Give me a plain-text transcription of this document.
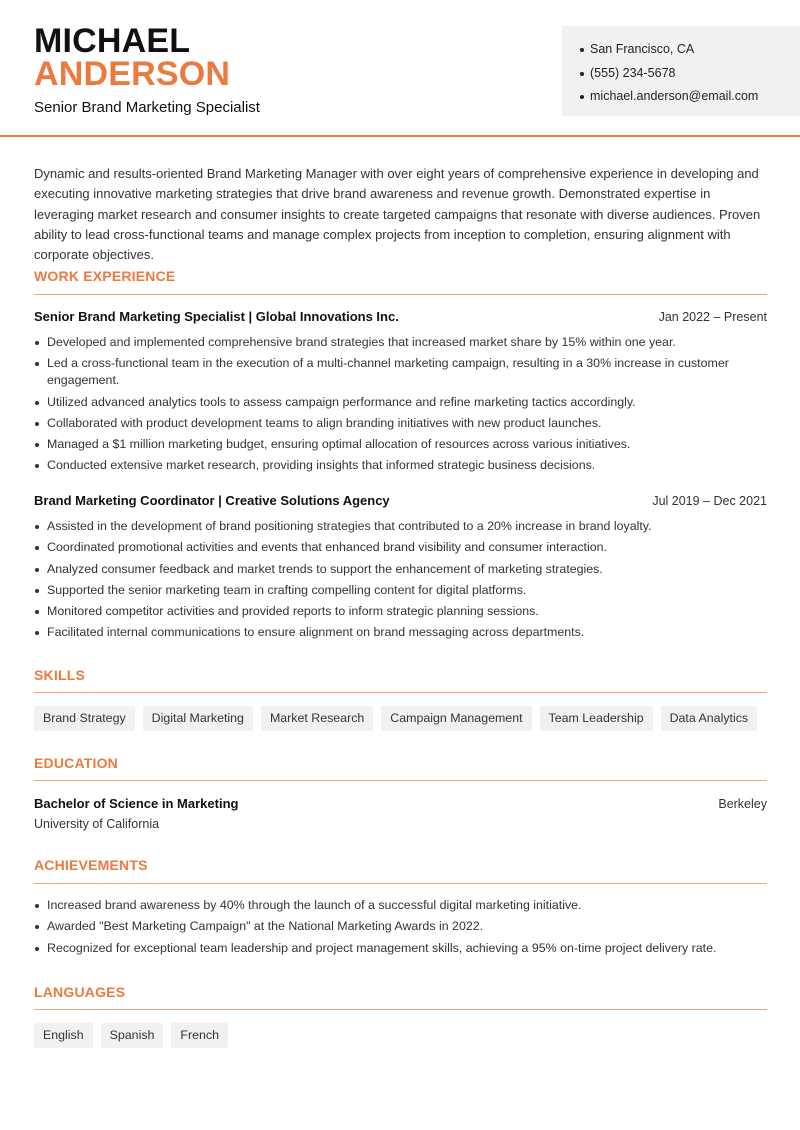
MICHAEL
ANDERSON
Senior Brand Marketing Specialist
San Francisco, CA
(555) 234-5678
michael.anderson@email.com

Dynamic and results-oriented Brand Marketing Manager with over eight years of comprehensive experience in developing and executing innovative marketing strategies that drive brand awareness and revenue growth. Demonstrated expertise in leveraging market research and consumer insights to create targeted campaigns that resonate with diverse audiences. Proven ability to lead cross-functional teams and manage complex projects from inception to completion, ensuring alignment with corporate objectives.

WORK EXPERIENCE
Senior Brand Marketing Specialist | Global Innovations Inc.	Jan 2022 – Present
Developed and implemented comprehensive brand strategies that increased market share by 15% within one year.
Led a cross-functional team in the execution of a multi-channel marketing campaign, resulting in a 30% increase in customer engagement.
Utilized advanced analytics tools to assess campaign performance and refine marketing tactics accordingly.
Collaborated with product development teams to align branding initiatives with new product launches.
Managed a $1 million marketing budget, ensuring optimal allocation of resources across various initiatives.
Conducted extensive market research, providing insights that informed strategic business decisions.
Brand Marketing Coordinator | Creative Solutions Agency	Jul 2019 – Dec 2021
Assisted in the development of brand positioning strategies that contributed to a 20% increase in brand loyalty.
Coordinated promotional activities and events that enhanced brand visibility and consumer interaction.
Analyzed consumer feedback and market trends to support the enhancement of marketing strategies.
Supported the senior marketing team in crafting compelling content for digital platforms.
Monitored competitor activities and provided reports to inform strategic planning sessions.
Facilitated internal communications to ensure alignment on brand messaging across departments.
SKILLS
Brand Strategy	Digital Marketing	Market Research	Campaign Management	Team Leadership	Data Analytics
EDUCATION
Bachelor of Science in Marketing	Berkeley
University of California
ACHIEVEMENTS
Increased brand awareness by 40% through the launch of a successful digital marketing initiative.
Awarded "Best Marketing Campaign" at the National Marketing Awards in 2022.
Recognized for exceptional team leadership and project management skills, achieving a 95% on-time project delivery rate.
LANGUAGES
English	Spanish	French
